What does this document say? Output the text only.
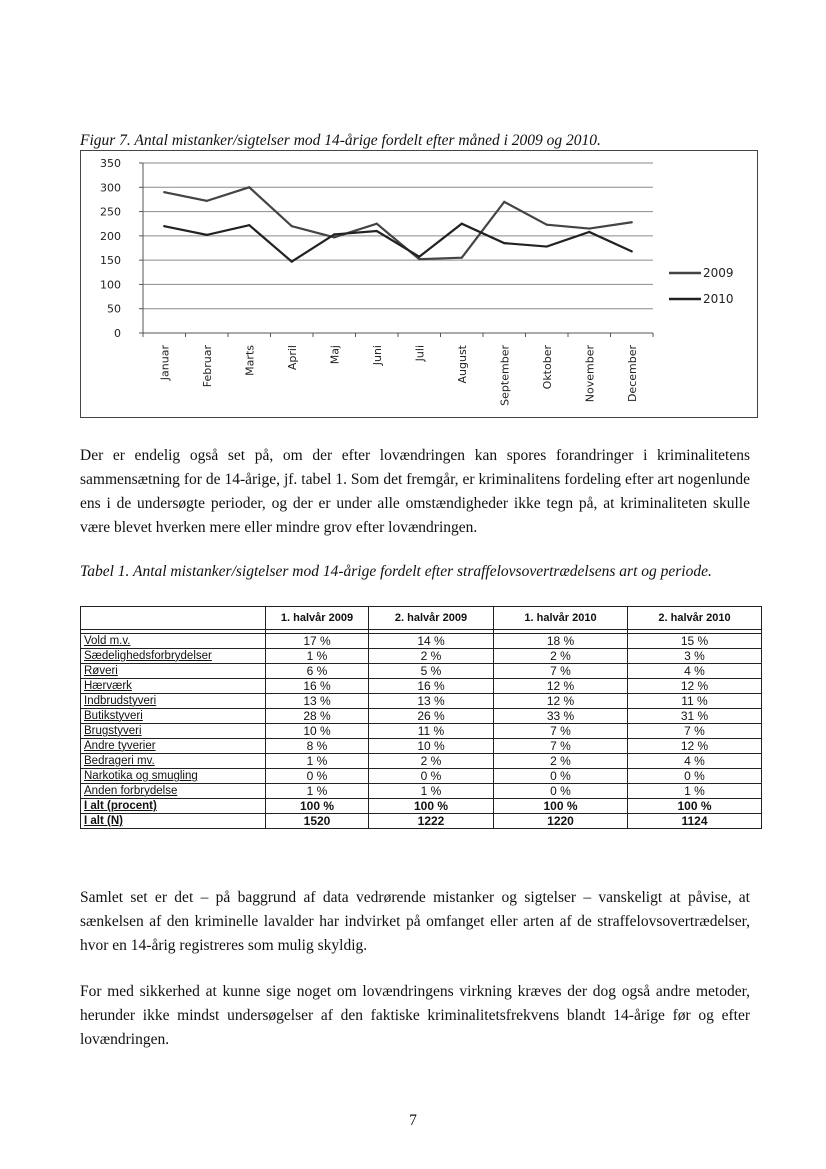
Figur 7. Antal mistanker/sigtelser mod 14-årige fordelt efter måned i 2009 og 2010.
350
300
250
200
150
100
50
0
Januar	Februar	Marts	April	Maj	Juni	Juli	August	September	Oktober	November	December
2009
2010

Der er endelig også set på, om der efter lovændringen kan spores forandringer i kriminalitetens sammensætning for de 14-årige, jf. tabel 1. Som det fremgår, er kriminalitens fordeling efter art nogenlunde ens i de undersøgte perioder, og der er under alle omstændigheder ikke tegn på, at kriminaliteten skulle være blevet hverken mere eller mindre grov efter lovændringen.

Tabel 1. Antal mistanker/sigtelser mod 14-årige fordelt efter straffelovsovertrædelsens art og periode.
	1. halvår 2009	2. halvår 2009	1. halvår 2010	2. halvår 2010

Vold m.v.	17 %	14 %	18 %	15 %
Sædelighedsforbrydelser	1 %	2 %	2 %	3 %
Røveri	6 %	5 %	7 %	4 %
Hærværk	16 %	16 %	12 %	12 %
Indbrudstyveri	13 %	13 %	12 %	11 %
Butikstyveri	28 %	26 %	33 %	31 %
Brugstyveri	10 %	11 %	7 %	7 %
Andre tyverier	8 %	10 %	7 %	12 %
Bedrageri mv.	1 %	2 %	2 %	4 %
Narkotika og smugling	0 %	0 %	0 %	0 %
Anden forbrydelse	1 %	1 %	0 %	1 %
I alt (procent)	100 %	100 %	100 %	100 %
I alt (N)	1520	1222	1220	1124

Samlet set er det – på baggrund af data vedrørende mistanker og sigtelser – vanskeligt at påvise, at sænkelsen af den kriminelle lavalder har indvirket på omfanget eller arten af de straffelovsovertrædelser, hvor en 14-årig registreres som mulig skyldig.

For med sikkerhed at kunne sige noget om lovændringens virkning kræves der dog også andre metoder, herunder ikke mindst undersøgelser af den faktiske kriminalitetsfrekvens blandt 14-årige før og efter lovændringen.

7
